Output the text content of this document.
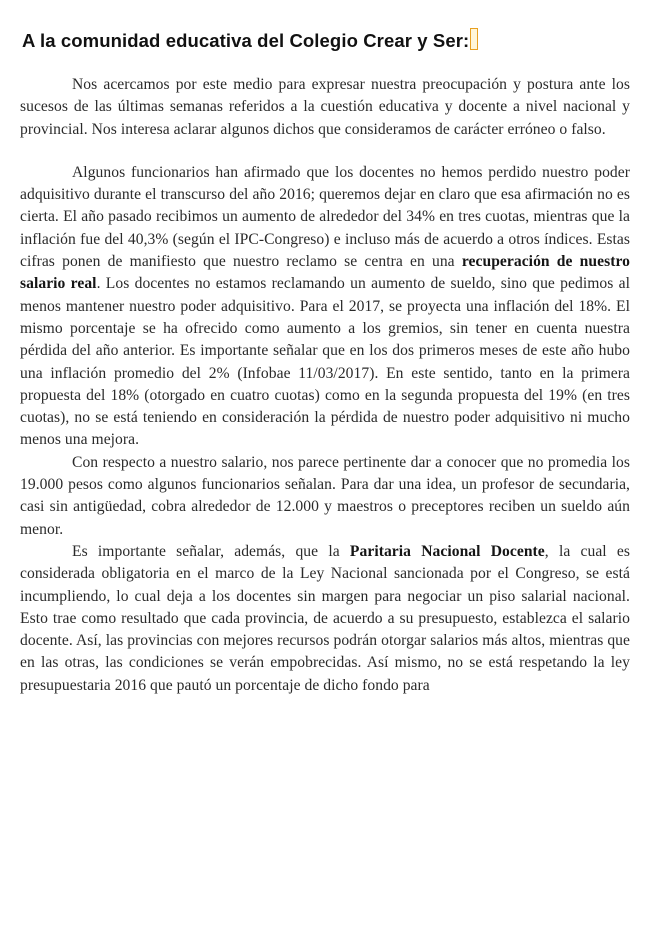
A la comunidad educativa del Colegio Crear y Ser:

Nos acercamos por este medio para expresar nuestra preocupación y postura ante los sucesos de las últimas semanas referidos a la cuestión educativa y docente a nivel nacional y provincial. Nos interesa aclarar algunos dichos que consideramos de carácter erróneo o falso.

Algunos funcionarios han afirmado que los docentes no hemos perdido nuestro poder adquisitivo durante el transcurso del año 2016; queremos dejar en claro que esa afirmación no es cierta. El año pasado recibimos un aumento de alrededor del 34% en tres cuotas, mientras que la inflación fue del 40,3% (según el IPC-Congreso) e incluso más de acuerdo a otros índices. Estas cifras ponen de manifiesto que nuestro reclamo se centra en una recuperación de nuestro salario real. Los docentes no estamos reclamando un aumento de sueldo, sino que pedimos al menos mantener nuestro poder adquisitivo. Para el 2017, se proyecta una inflación del 18%. El mismo porcentaje se ha ofrecido como aumento a los gremios, sin tener en cuenta nuestra pérdida del año anterior. Es importante señalar que en los dos primeros meses de este año hubo una inflación promedio del 2% (Infobae 11/03/2017). En este sentido, tanto en la primera propuesta del 18% (otorgado en cuatro cuotas) como en la segunda propuesta del 19% (en tres cuotas), no se está teniendo en consideración la pérdida de nuestro poder adquisitivo ni mucho menos una mejora.

Con respecto a nuestro salario, nos parece pertinente dar a conocer que no promedia los 19.000 pesos como algunos funcionarios señalan. Para dar una idea, un profesor de secundaria, casi sin antigüedad, cobra alrededor de 12.000 y maestros o preceptores reciben un sueldo aún menor.

Es importante señalar, además, que la Paritaria Nacional Docente, la cual es considerada obligatoria en el marco de la Ley Nacional sancionada por el Congreso, se está incumpliendo, lo cual deja a los docentes sin margen para negociar un piso salarial nacional. Esto trae como resultado que cada provincia, de acuerdo a su presupuesto, establezca el salario docente. Así, las provincias con mejores recursos podrán otorgar salarios más altos, mientras que en las otras, las condiciones se verán empobrecidas. Así mismo, no se está respetando la ley presupuestaria 2016 que pautó un porcentaje de dicho fondo para
